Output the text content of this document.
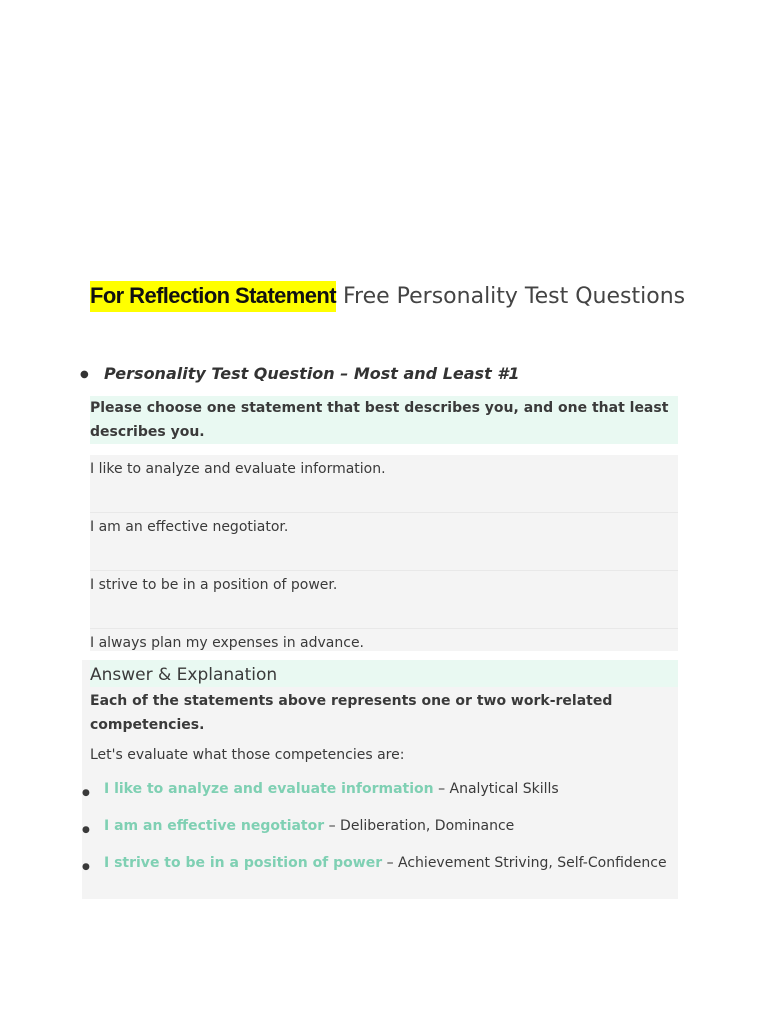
For Reflection Statement Free Personality Test Questions
● Personality Test Question – Most and Least #1
Please choose one statement that best describes you, and one that least describes you.
I like to analyze and evaluate information.
I am an effective negotiator.
I strive to be in a position of power.
I always plan my expenses in advance.
Answer & Explanation
Each of the statements above represents one or two work-related competencies.
Let's evaluate what those competencies are:
● I like to analyze and evaluate information – Analytical Skills
● I am an effective negotiator – Deliberation, Dominance
● I strive to be in a position of power – Achievement Striving, Self-Confidence
